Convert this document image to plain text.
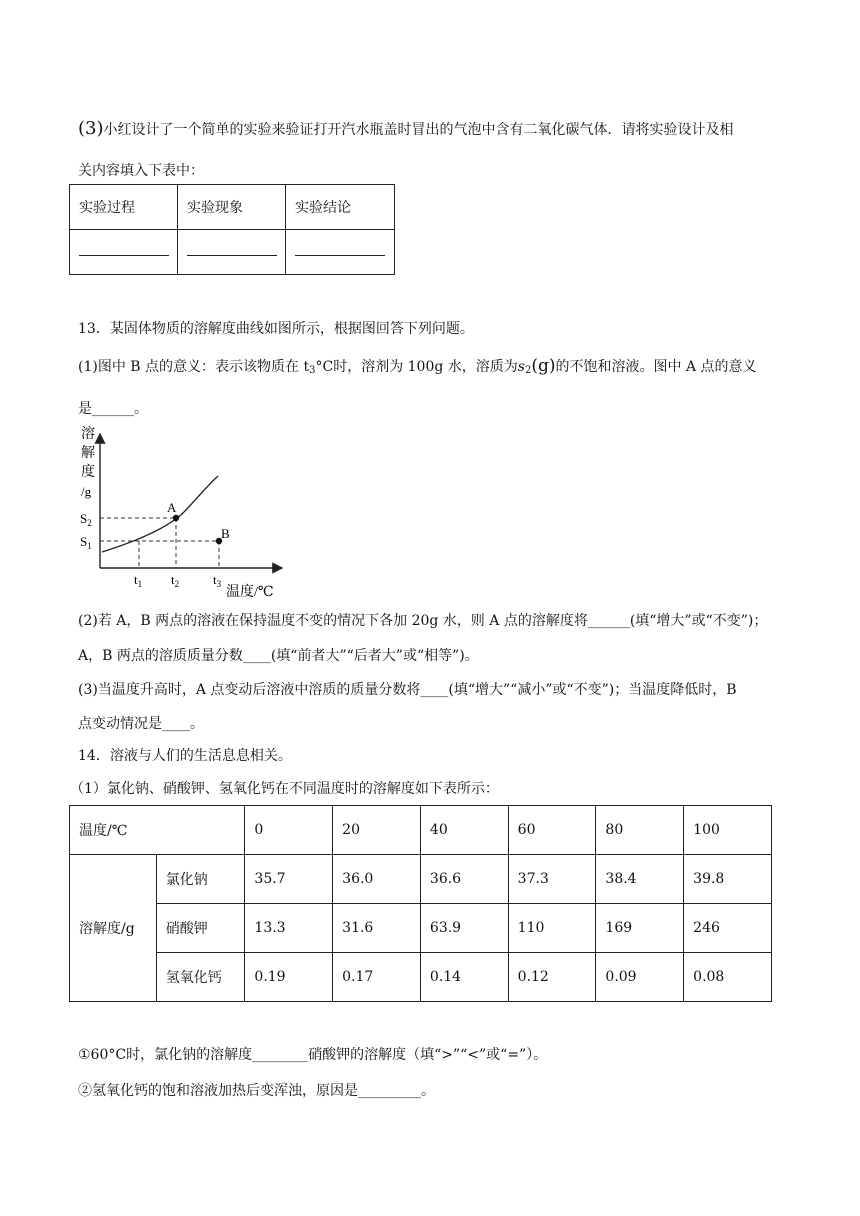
(3)小红设计了一个简单的实验来验证打开汽水瓶盖时冒出的气泡中含有二氧化碳气体．请将实验设计及相
关内容填入下表中：
实验过程	实验现象	实验结论

13．某固体物质的溶解度曲线如图所示，根据图回答下列问题。
(1)图中 B 点的意义：表示该物质在 $t_3^\circ C$时，溶剂为 100g 水，溶质为$s_2(g)$的不饱和溶液。图中 A 点的意义
是______。
溶
解
度
/g
A
B
$S_2$
$S_1$
$t_1$ $t_2$	$t_3$
温度/℃
(2)若 A，B 两点的溶液在保持温度不变的情况下各加 20g 水，则 A 点的溶解度将______(填“增大”或“不变”)；
A，B 两点的溶质质量分数____(填“前者大”“后者大”或“相等”)。
(3)当温度升高时，A 点变动后溶液中溶质的质量分数将____(填“增大”“减小”或“不变”)；当温度降低时，B
点变动情况是____。
14．溶液与人们的生活息息相关。
（1）氯化钠、硝酸钾、氢氧化钙在不同温度时的溶解度如下表所示：
温度/℃		0	20	40	60	80	100
溶解度/g	氯化钠	35.7	36.0	36.6	37.3	38.4	39.8
	硝酸钾	13.3	31.6	63.9	110	169	246
	氢氧化钙	0.19	0.17	0.14	0.12	0.09	0.08
①60°C时，氯化钠的溶解度________硝酸钾的溶解度（填“>”“<”或“=”）。
②氢氧化钙的饱和溶液加热后变浑浊，原因是_________。
